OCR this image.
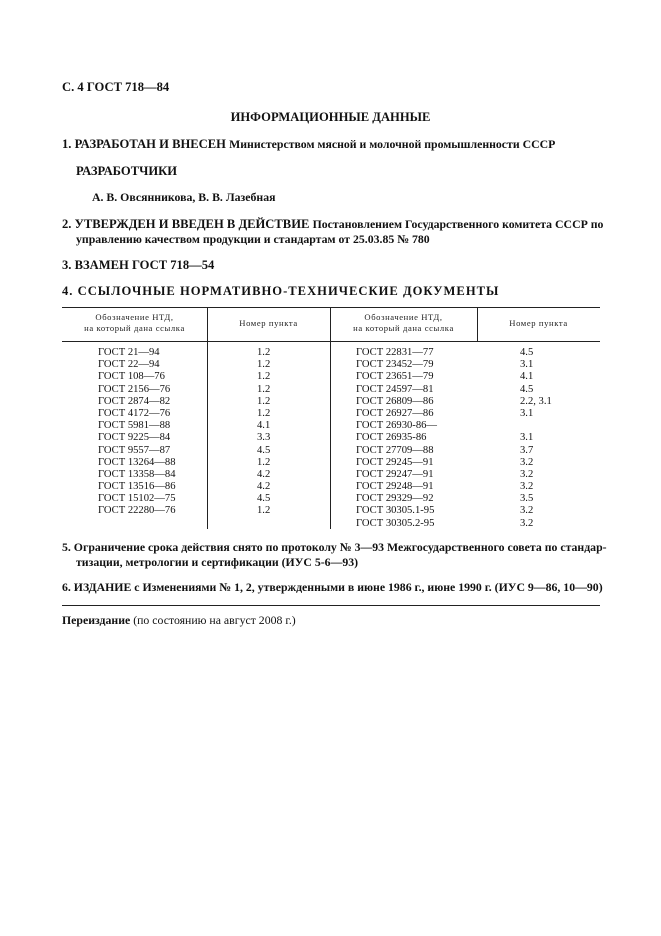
С. 4 ГОСТ 718—84
ИНФОРМАЦИОННЫЕ ДАННЫЕ
1. РАЗРАБОТАН И ВНЕСЕН Министерством мясной и молочной промышленности СССР
РАЗРАБОТЧИКИ
А. В. Овсянникова, В. В. Лазебная
2. УТВЕРЖДЕН И ВВЕДЕН В ДЕЙСТВИЕ Постановлением Государственного комитета СССР по
управлению качеством продукции и стандартам от 25.03.85 № 780
3. ВЗАМЕН ГОСТ 718—54
4. ССЫЛОЧНЫЕ НОРМАТИВНО-ТЕХНИЧЕСКИЕ ДОКУМЕНТЫ
Обозначение НТД,
на который дана ссылка	Номер пункта
Обозначение НТД,
на который дана ссылка	Номер пункта
ГОСТ 21—94
ГОСТ 22—94
ГОСТ 108—76
ГОСТ 2156—76
ГОСТ 2874—82
ГОСТ 4172—76
ГОСТ 5981—88
ГОСТ 9225—84
ГОСТ 9557—87
ГОСТ 13264—88
ГОСТ 13358—84
ГОСТ 13516—86
ГОСТ 15102—75
ГОСТ 22280—76
1.2
1.2
1.2
1.2
1.2
1.2
4.1
3.3
4.5
1.2
4.2
4.2
4.5
1.2
ГОСТ 22831—77
ГОСТ 23452—79
ГОСТ 23651—79
ГОСТ 24597—81
ГОСТ 26809—86
ГОСТ 26927—86
ГОСТ 26930-86—
ГОСТ 26935-86
ГОСТ 27709—88
ГОСТ 29245—91
ГОСТ 29247—91
ГОСТ 29248—91
ГОСТ 29329—92
ГОСТ 30305.1-95
ГОСТ 30305.2-95
4.5
3.1
4.1
4.5
2.2, 3.1
3.1
3.1
3.7
3.2
3.2
3.2
3.5
3.2
3.2
5. Ограничение срока действия снято по протоколу № 3—93 Межгосударственного совета по стандар-
тизации, метрологии и сертификации (ИУС 5-6—93)
6. ИЗДАНИЕ с Изменениями № 1, 2, утвержденными в июне 1986 г., июне 1990 г. (ИУС 9—86, 10—90)
Переиздание (по состоянию на август 2008 г.)
